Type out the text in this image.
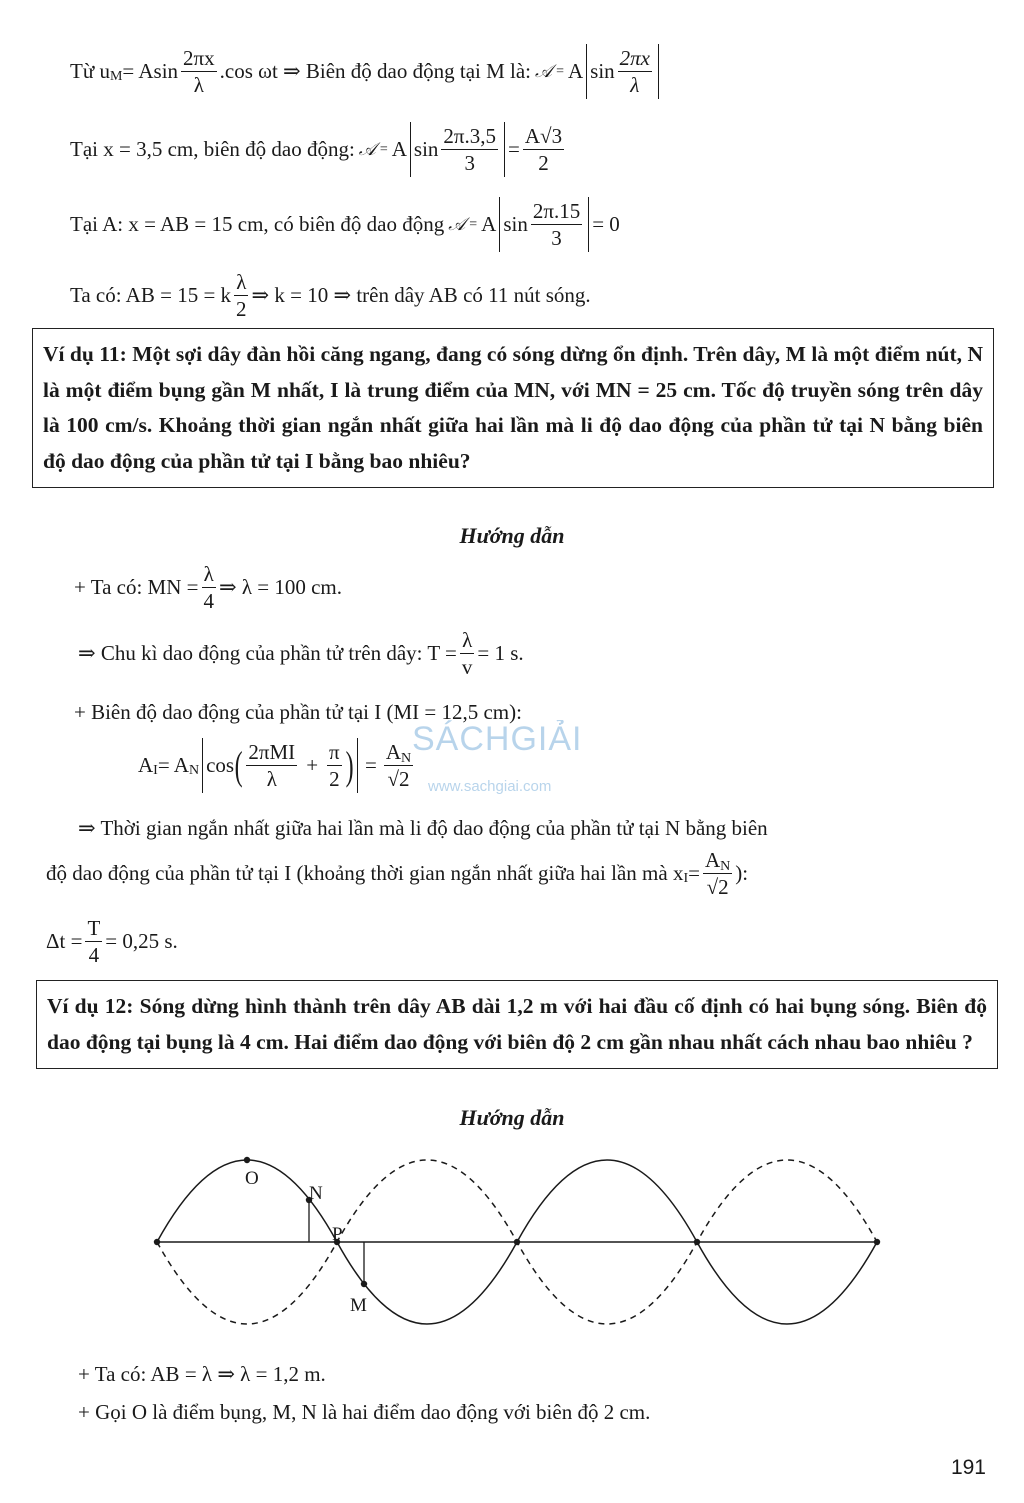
Từ u M = Asin $\frac{2\pi x}{\lambda} .\cos$ ωt ⇒ Biên độ dao động tại M là: 𝒜 = A $\sin \frac{2\pi x}{\lambda}$
Tại x = 3,5 cm, biên độ dao động: 𝒜 = A $\sin \frac{2\pi.3,5}{3} = \frac{A√3}{2}$
Tại A: x = AB = 15 cm, có biên độ dao động 𝒜 = A $\sin \frac{2\pi.15}{3} = 0$
Ta có: AB = 15 = k $\frac{\lambda}{2}$ ⇒ k = 10 ⇒ trên dây AB có 11 nút sóng.
Ví dụ 11: Một sợi dây đàn hồi căng ngang, đang có sóng dừng ổn định. Trên dây, M là một điểm nút, N là một điểm bụng gần M nhất, I là trung điểm của MN, với MN = 25 cm. Tốc độ truyền sóng trên dây là 100 cm/s. Khoảng thời gian ngắn nhất giữa hai lần mà li độ dao động của phần tử tại N bằng biên độ dao động của phần tử tại I bằng bao nhiêu?
Hướng dẫn
+ Ta có: MN = $\frac{\lambda}{4}$ ⇒ λ = 100 cm.
⇒ Chu kì dao động của phần tử trên dây: $T = \frac{\lambda}{v} = 1$ s.
+ Biên độ dao động của phần tử tại I (MI = 12,5 cm):
A I = A N cos ( $\frac{\text{2πMI}}{\lambda} + \frac{\pi}{2}$ ) = $\frac{AN}{√2}$
⇒ Thời gian ngắn nhất giữa hai lần mà li độ dao động của phần tử tại N bằng biên
độ dao động của phần tử tại I (khoảng thời gian ngắn nhất giữa hai lần mà x $I = \frac{AN}{√2}$ ):
$\Delta t = \frac{T}{4} = 0,25$ s.
Ví dụ 12: Sóng dừng hình thành trên dây AB dài 1,2 m với hai đầu cố định có hai bụng sóng. Biên độ dao động tại bụng là 4 cm. Hai điểm dao động với biên độ 2 cm gần nhau nhất cách nhau bao nhiêu ?
Hướng dẫn
O
N
P
M
+ Ta có: AB = λ ⇒ λ = 1,2 m.
+ Gọi O là điểm bụng, M, N là hai điểm dao động với biên độ 2 cm.
SÁCHGIẢI
www.sachgiai.com
191
